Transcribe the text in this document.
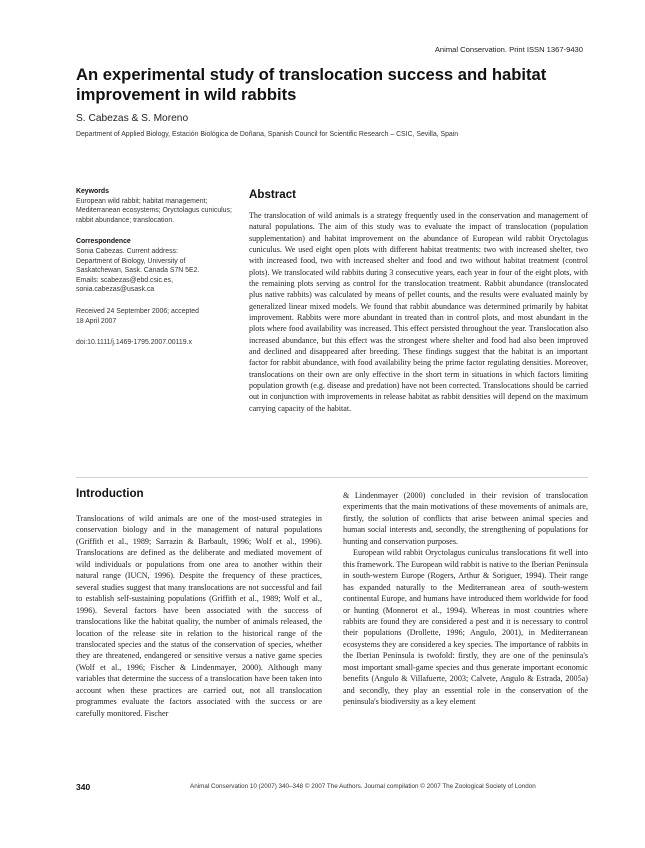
Animal Conservation. Print ISSN 1367-9430
An experimental study of translocation success and habitat improvement in wild rabbits
S. Cabezas & S. Moreno
Department of Applied Biology, Estación Biológica de Doñana, Spanish Council for Scientific Research – CSIC, Sevilla, Spain

Keywords

European wild rabbit; habitat management; Mediterranean ecosystems; Oryctolagus cuniculus; rabbit abundance; translocation.

Correspondence

Sonia Cabezas. Current address:

Department of Biology, University of

Saskatchewan, Sask. Canada S7N 5E2.

Emails: scabezas@ebd.csic.es,

sonia.cabezas@usask.ca

Received 24 September 2006; accepted

18 April 2007

doi:10.1111/j.1469-1795.2007.00119.x

Abstract

The translocation of wild animals is a strategy frequently used in the conservation and management of natural populations. The aim of this study was to evaluate the impact of translocation (population supplementation) and habitat improvement on the abundance of European wild rabbit Oryctolagus cuniculus. We used eight open plots with different habitat treatments: two with increased shelter, two with increased food, two with increased shelter and food and two without habitat treatment (control plots). We translocated wild rabbits during 3 consecutive years, each year in four of the eight plots, with the remaining plots serving as control for the translocation treatment. Rabbit abundance (translocated plus native rabbits) was calculated by means of pellet counts, and the results were evaluated mainly by generalized linear mixed models. We found that rabbit abundance was determined primarily by habitat improvement. Rabbits were more abundant in treated than in control plots, and most abundant in the plots where food availability was increased. This effect persisted throughout the year. Translocation also increased abundance, but this effect was the strongest where shelter and food had also been improved and declined and disappeared after breeding. These findings suggest that the habitat is an important factor for rabbit abundance, with food availability being the prime factor regulating densities. Moreover, translocations on their own are only effective in the short term in situations in which factors limiting population growth (e.g. disease and predation) have not been corrected. Translocations should be carried out in conjunction with improvements in release habitat as rabbit densities will depend on the maximum carrying capacity of the habitat.

Introduction

Translocations of wild animals are one of the most-used strategies in conservation biology and in the management of natural populations (Griffith et al., 1989; Sarrazin & Barbault, 1996; Wolf et al., 1996). Translocations are defined as the deliberate and mediated movement of wild individuals or populations from one area to another within their natural range (IUCN, 1996). Despite the frequency of these practices, several studies suggest that many translocations are not successful and fail to establish self-sustaining populations (Griffith et al., 1989; Wolf et al., 1996). Several factors have been associated with the success of translocations like the habitat quality, the number of animals released, the location of the release site in relation to the historical range of the translocated species and the status of the conservation of species, whether they are threatened, endangered or sensitive versus a native game species (Wolf et al., 1996; Fischer & Lindenmayer, 2000). Although many variables that determine the success of a translocation have been taken into account when these practices are carried out, not all translocation programmes evaluate the factors associated with the success or are carefully monitored. Fischer

& Lindenmayer (2000) concluded in their revision of translocation experiments that the main motivations of these movements of animals are, firstly, the solution of conflicts that arise between animal species and human social interests and, secondly, the strengthening of populations for hunting and conservation purposes.

European wild rabbit Oryctolagus cuniculus translocations fit well into this framework. The European wild rabbit is native to the Iberian Peninsula in south-western Europe (Rogers, Arthur & Soriguer, 1994). Their range has expanded naturally to the Mediterranean area of south-western continental Europe, and humans have introduced them worldwide for food or hunting (Monnerot et al., 1994). Whereas in most countries where rabbits are found they are considered a pest and it is necessary to control their populations (Drollette, 1996; Angulo, 2001), in Mediterranean ecosystems they are considered a key species. The importance of rabbits in the Iberian Peninsula is twofold: firstly, they are one of the peninsula's most important small-game species and thus generate important economic benefits (Angulo & Villafuerte, 2003; Calvete, Angulo & Estrada, 2005a) and secondly, they play an essential role in the conservation of the peninsula's biodiversity as a key element

340	Animal Conservation 10 (2007) 340–348 © 2007 The Authors. Journal compilation © 2007 The Zoological Society of London
